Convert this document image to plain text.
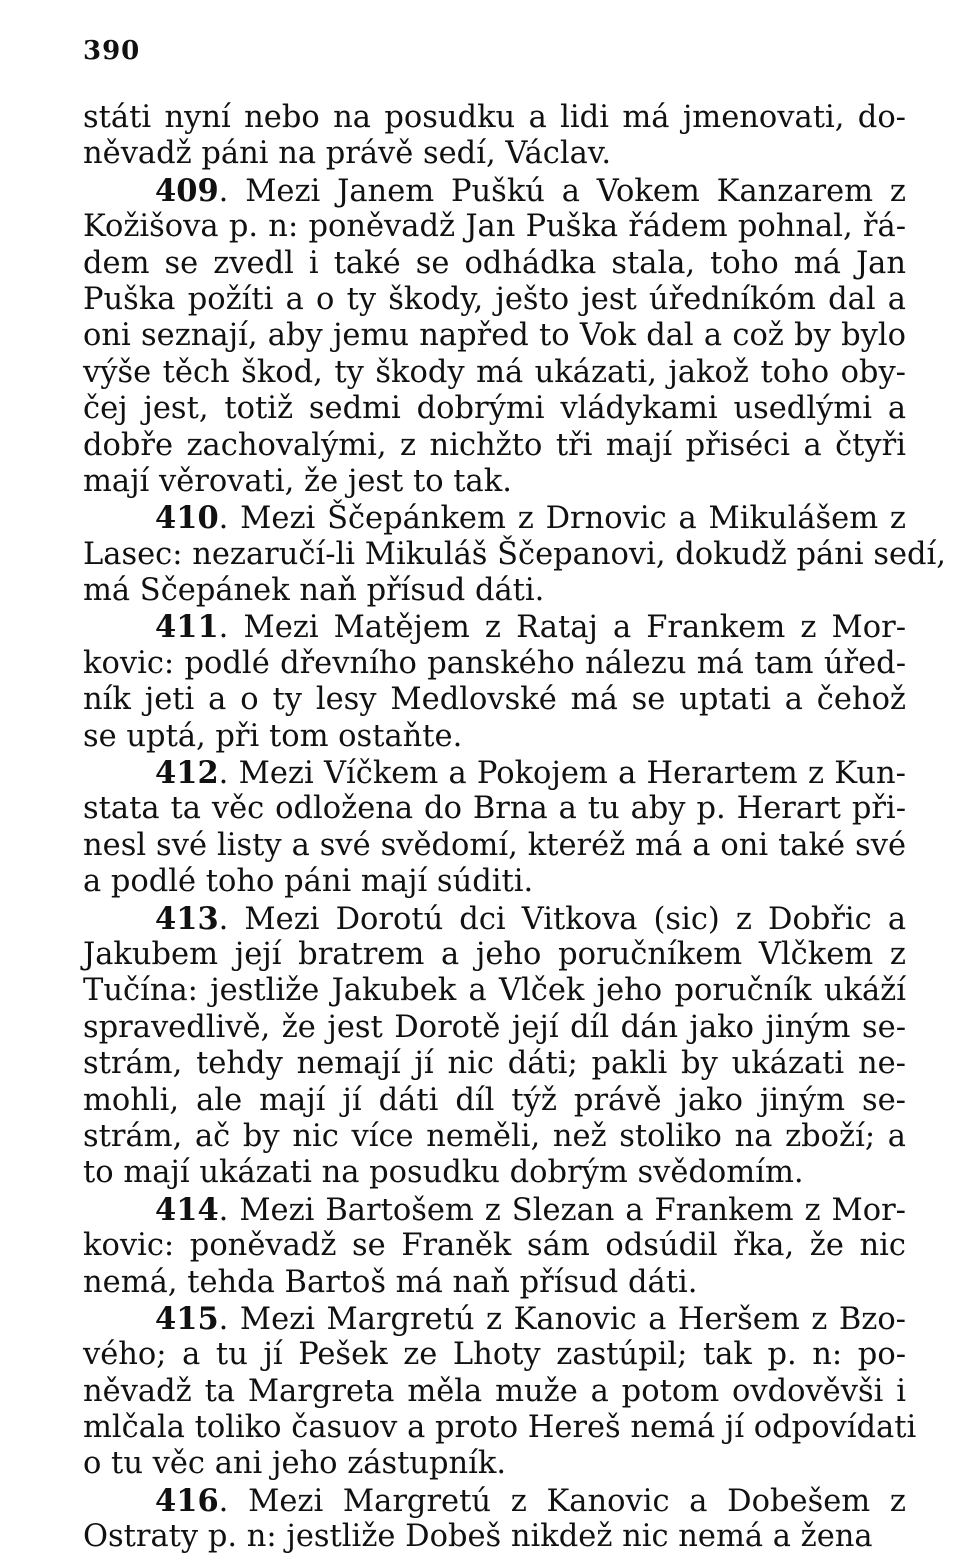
390
státi nyní nebo na posudku a lidi má jmenovati, do-
něvadž páni na právě sedí, Václav.
409. Mezi Janem Puškú a Vokem Kanzarem z
Kožišova p. n: poněvadž Jan Puška řádem pohnal, řá-
dem se zvedl i také se odhádka stala, toho má Jan
Puška požíti a o ty škody, ješto jest úředníkóm dal a
oni seznají, aby jemu napřed to Vok dal a což by bylo
výše těch škod, ty škody má ukázati, jakož toho oby-
čej jest, totiž sedmi dobrými vládykami usedlými a
dobře zachovalými, z nichžto tři mají přiséci a čtyři
mají věrovati, že jest to tak.
410. Mezi Ščepánkem z Drnovic a Mikulášem z
Lasec: nezaručí-li Mikuláš Ščepanovi, dokudž páni sedí,
má Sčepánek naň přísud dáti.
411. Mezi Matějem z Rataj a Frankem z Mor-
kovic: podlé dřevního panského nálezu má tam úřed-
ník jeti a o ty lesy Medlovské má se uptati a čehož
se uptá, při tom ostaňte.
412. Mezi Víčkem a Pokojem a Herartem z Kun-
stata ta věc odložena do Brna a tu aby p. Herart při-
nesl své listy a své svědomí, kteréž má a oni také své
a podlé toho páni mají súditi.
413. Mezi Dorotú dci Vitkova (sic) z Dobřic a
Jakubem její bratrem a jeho poručníkem Vlčkem z
Tučína: jestliže Jakubek a Vlček jeho poručník ukáží
spravedlivě, že jest Dorotě její díl dán jako jiným se-
strám, tehdy nemají jí nic dáti; pakli by ukázati ne-
mohli, ale mají jí dáti díl týž právě jako jiným se-
strám, ač by nic více neměli, než stoliko na zboží; a
to mají ukázati na posudku dobrým svědomím.
414. Mezi Bartošem z Slezan a Frankem z Mor-
kovic: poněvadž se Franěk sám odsúdil řka, že nic
nemá, tehda Bartoš má naň přísud dáti.
415. Mezi Margretú z Kanovic a Heršem z Bzo-
vého; a tu jí Pešek ze Lhoty zastúpil; tak p. n: po-
něvadž ta Margreta měla muže a potom ovdověvši i
mlčala toliko časuov a proto Hereš nemá jí odpovídati
o tu věc ani jeho zástupník.
416. Mezi Margretú z Kanovic a Dobešem z
Ostraty p. n: jestliže Dobeš nikdež nic nemá a žena
